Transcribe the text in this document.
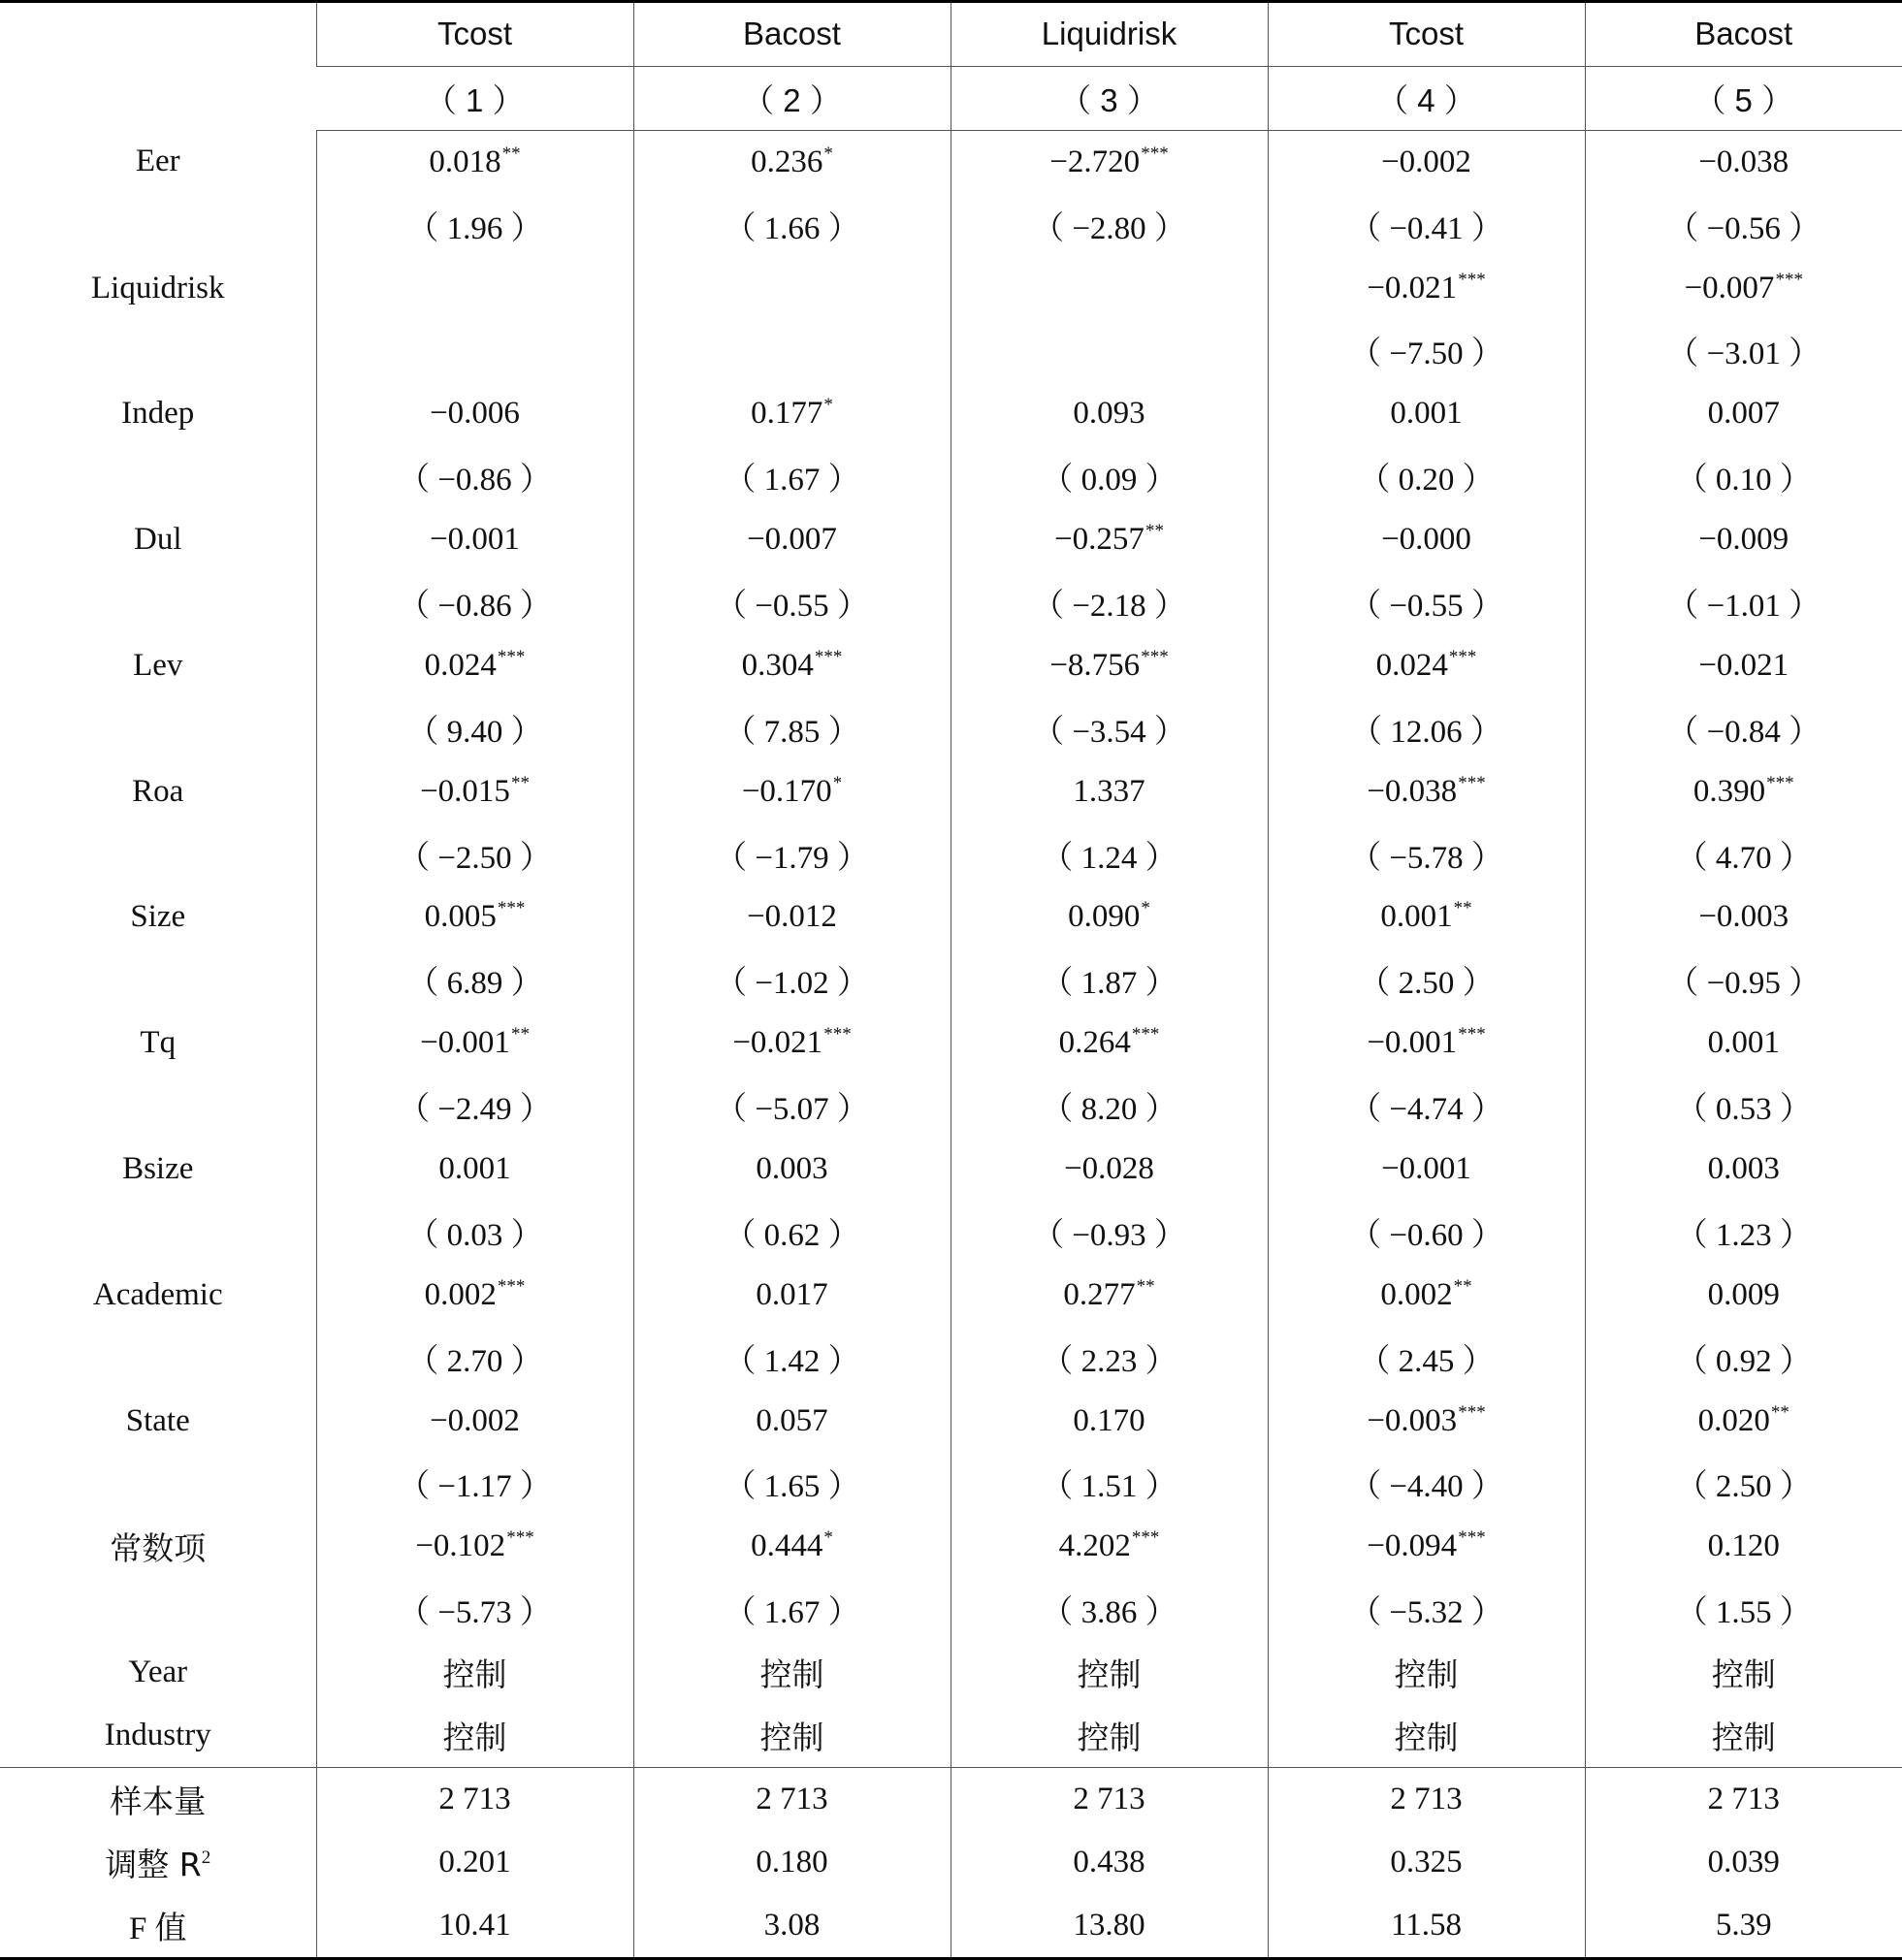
	Tcost	Bacost	Liquidrisk	Tcost	Bacost
	（ 1 ）	（ 2 ）	（ 3 ）	（ 4 ）	（ 5 ）
Eer	0.018**	0.236*	−2.720***	−0.002	−0.038
	（ 1.96 ）	（ 1.66 ）	（ −2.80 ）	（ −0.41 ）	（ −0.56 ）
Liquidrisk				−0.021***	−0.007***
				（ −7.50 ）	（ −3.01 ）
Indep	−0.006	0.177*	0.093	0.001	0.007
	（ −0.86 ）	（ 1.67 ）	（ 0.09 ）	（ 0.20 ）	（ 0.10 ）
Dul	−0.001	−0.007	−0.257**	−0.000	−0.009
	（ −0.86 ）	（ −0.55 ）	（ −2.18 ）	（ −0.55 ）	（ −1.01 ）
Lev	0.024***	0.304***	−8.756***	0.024***	−0.021
	（ 9.40 ）	（ 7.85 ）	（ −3.54 ）	（ 12.06 ）	（ −0.84 ）
Roa	−0.015**	−0.170*	1.337	−0.038***	0.390***
	（ −2.50 ）	（ −1.79 ）	（ 1.24 ）	（ −5.78 ）	（ 4.70 ）
Size	0.005***	−0.012	0.090*	0.001**	−0.003
	（ 6.89 ）	（ −1.02 ）	（ 1.87 ）	（ 2.50 ）	（ −0.95 ）
Tq	−0.001**	−0.021***	0.264***	−0.001***	0.001
	（ −2.49 ）	（ −5.07 ）	（ 8.20 ）	（ −4.74 ）	（ 0.53 ）
Bsize	0.001	0.003	−0.028	−0.001	0.003
	（ 0.03 ）	（ 0.62 ）	（ −0.93 ）	（ −0.60 ）	（ 1.23 ）
Academic	0.002***	0.017	0.277**	0.002**	0.009
	（ 2.70 ）	（ 1.42 ）	（ 2.23 ）	（ 2.45 ）	（ 0.92 ）
State	−0.002	0.057	0.170	−0.003***	0.020**
	（ −1.17 ）	（ 1.65 ）	（ 1.51 ）	（ −4.40 ）	（ 2.50 ）
常数项	−0.102***	0.444*	4.202***	−0.094***	0.120
	（ −5.73 ）	（ 1.67 ）	（ 3.86 ）	（ −5.32 ）	（ 1.55 ）
Year	控制	控制	控制	控制	控制
Industry	控制	控制	控制	控制	控制
样本量	2 713	2 713	2 713	2 713	2 713
调整 $R^2$	0.201	0.180	0.438	0.325	0.039
F 值	10.41	3.08	13.80	11.58	5.39
